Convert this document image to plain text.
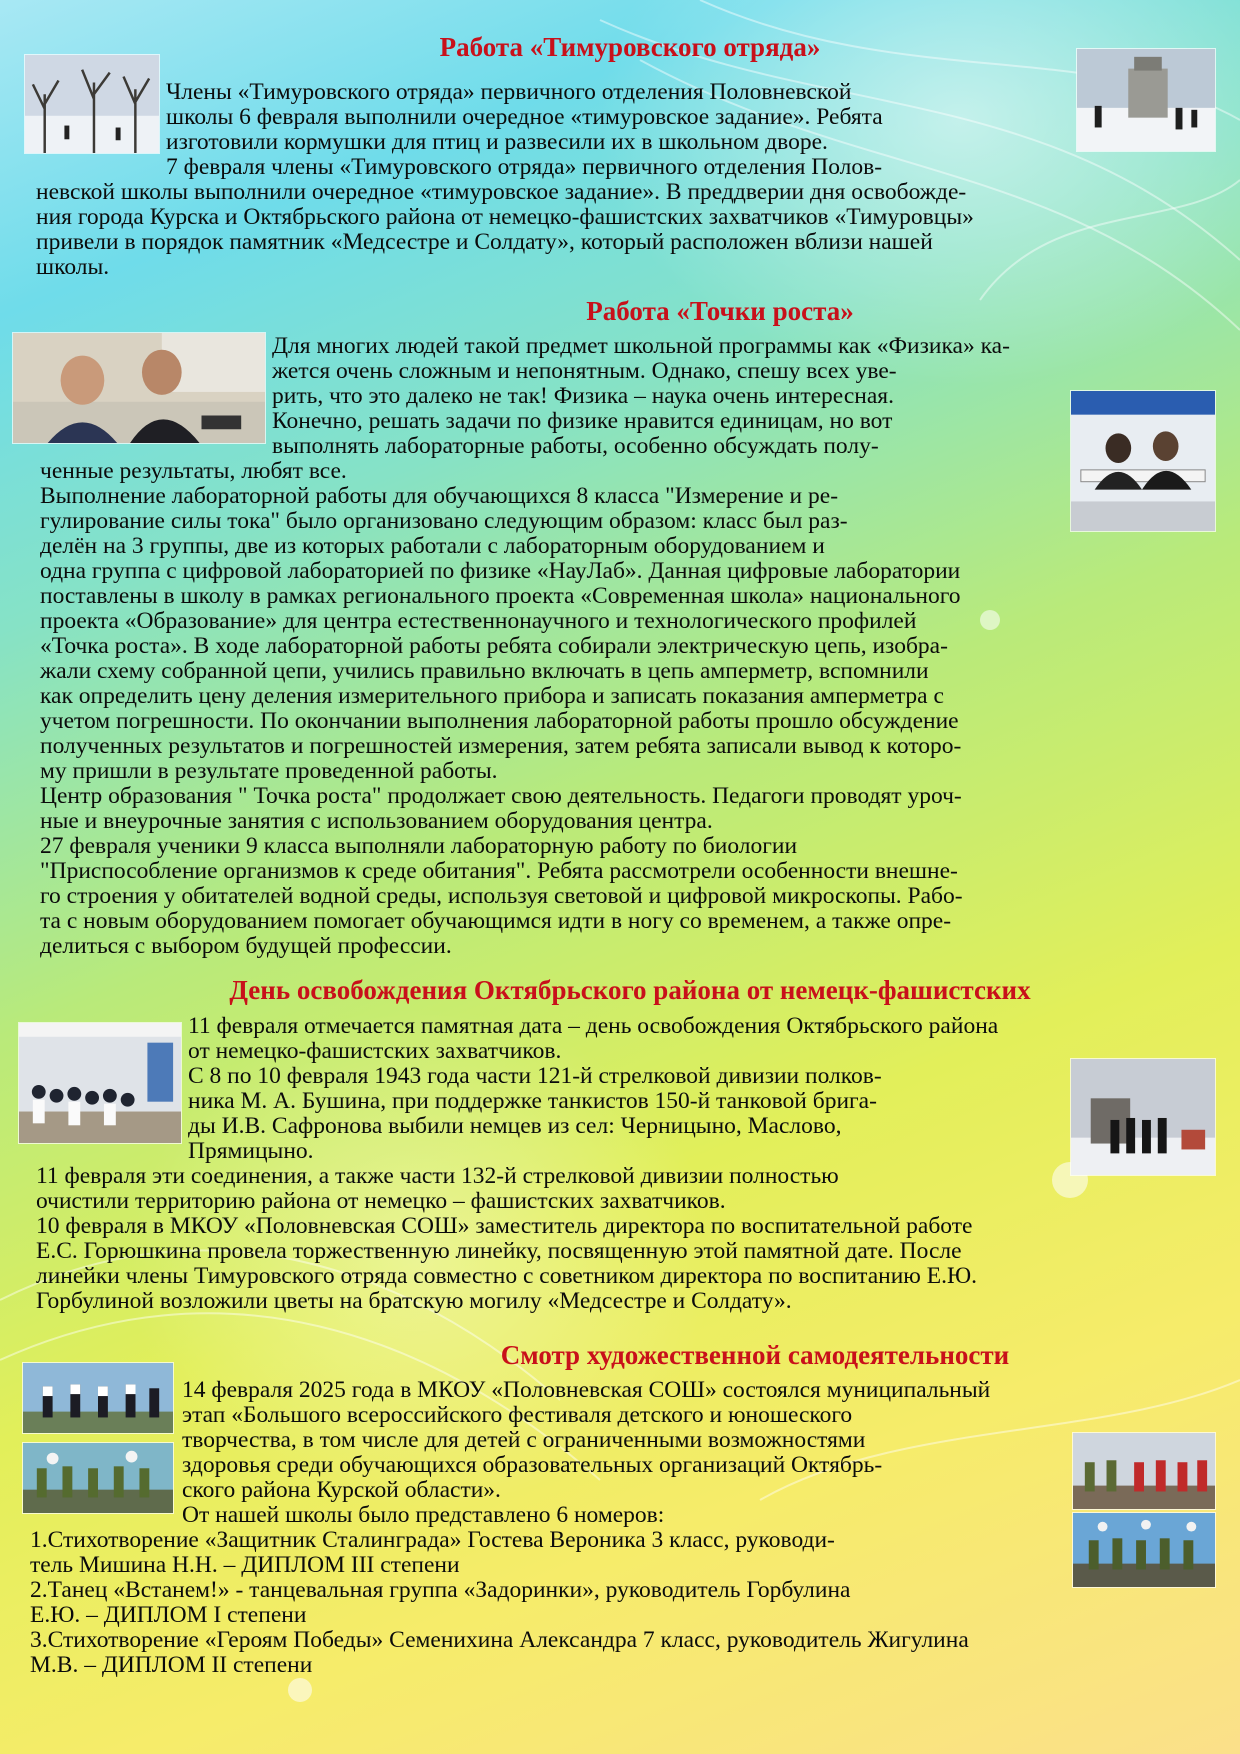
Работа «Тимуровского отряда»
Члены «Тимуровского отряда» первичного отделения Половневской
школы 6 февраля выполнили очередное «тимуровское задание». Ребята
изготовили кормушки для птиц и развесили их в школьном дворе.
7 февраля члены «Тимуровского отряда» первичного отделения Полов-
невской школы выполнили очередное «тимуровское задание». В преддверии дня освобожде-
ния города Курска и Октябрьского района от немецко-фашистских захватчиков «Тимуровцы»
привели в порядок памятник «Медсестре и Солдату», который расположен вблизи нашей
школы.
Работа «Точки роста»
Для многих людей такой предмет школьной программы как «Физика» ка-
жется очень сложным и непонятным. Однако, спешу всех уве-
рить, что это далеко не так! Физика – наука очень интересная.
Конечно, решать задачи по физике нравится единицам, но вот
выполнять лабораторные работы, особенно обсуждать полу-
ченные результаты, любят все.
Выполнение лабораторной работы для обучающихся 8 класса "Измерение и ре-
гулирование силы тока" было организовано следующим образом: класс был раз-
делён на 3 группы, две из которых работали с лабораторным оборудованием и
одна группа с цифровой лабораторией по физике «НауЛаб». Данная цифровые лаборатории
поставлены в школу в рамках регионального проекта «Современная школа» национального
проекта «Образование» для центра естественнонаучного и технологического профилей
«Точка роста». В ходе лабораторной работы ребята собирали электрическую цепь, изобра-
жали схему собранной цепи, учились правильно включать в цепь амперметр, вспомнили
как определить цену деления измерительного прибора и записать показания амперметра с
учетом погрешности. По окончании выполнения лабораторной работы прошло обсуждение
полученных результатов и погрешностей измерения, затем ребята записали вывод к которо-
му пришли в результате проведенной работы.
Центр образования " Точка роста" продолжает свою деятельность. Педагоги проводят уроч-
ные и внеурочные занятия с использованием оборудования центра.
27 февраля ученики 9 класса выполняли лабораторную работу по биологии
"Приспособление организмов к среде обитания". Ребята рассмотрели особенности внешне-
го строения у обитателей водной среды, используя световой и цифровой микроскопы. Рабо-
та с новым оборудованием помогает обучающимся идти в ногу со временем, а также опре-
делиться с выбором будущей профессии.
День освобождения Октябрьского района от немецк-фашистских
11 февраля отмечается памятная дата – день освобождения Октябрьского района
от немецко-фашистских захватчиков.
С 8 по 10 февраля 1943 года части 121-й стрелковой дивизии полков-
ника М. А. Бушина, при поддержке танкистов 150-й танковой брига-
ды И.В. Сафронова выбили немцев из сел: Черницыно, Маслово,
Прямицыно.
11 февраля эти соединения, а также части 132-й стрелковой дивизии полностью
очистили территорию района от немецко – фашистских захватчиков.
10 февраля в МКОУ «Половневская СОШ» заместитель директора по воспитательной работе
Е.С. Горюшкина провела торжественную линейку, посвященную этой памятной дате. После
линейки члены Тимуровского отряда совместно с советником директора по воспитанию Е.Ю.
Горбулиной возложили цветы на братскую могилу «Медсестре и Солдату».
Смотр художественной самодеятельности
14 февраля 2025 года в МКОУ «Половневская СОШ» состоялся муниципальный
этап «Большого всероссийского фестиваля детского и юношеского
творчества, в том числе для детей с ограниченными возможностями
здоровья среди обучающихся образовательных организаций Октябрь-
ского района Курской области».
От нашей школы было представлено 6 номеров:
1.Стихотворение «Защитник Сталинграда» Гостева Вероника 3 класс, руководи-
тель Мишина Н.Н. – ДИПЛОМ III степени
2.Танец «Встанем!» - танцевальная группа «Задоринки», руководитель Горбулина
Е.Ю. – ДИПЛОМ I степени
3.Стихотворение «Героям Победы» Семенихина Александра 7 класс, руководитель Жигулина
М.В. – ДИПЛОМ II степени
